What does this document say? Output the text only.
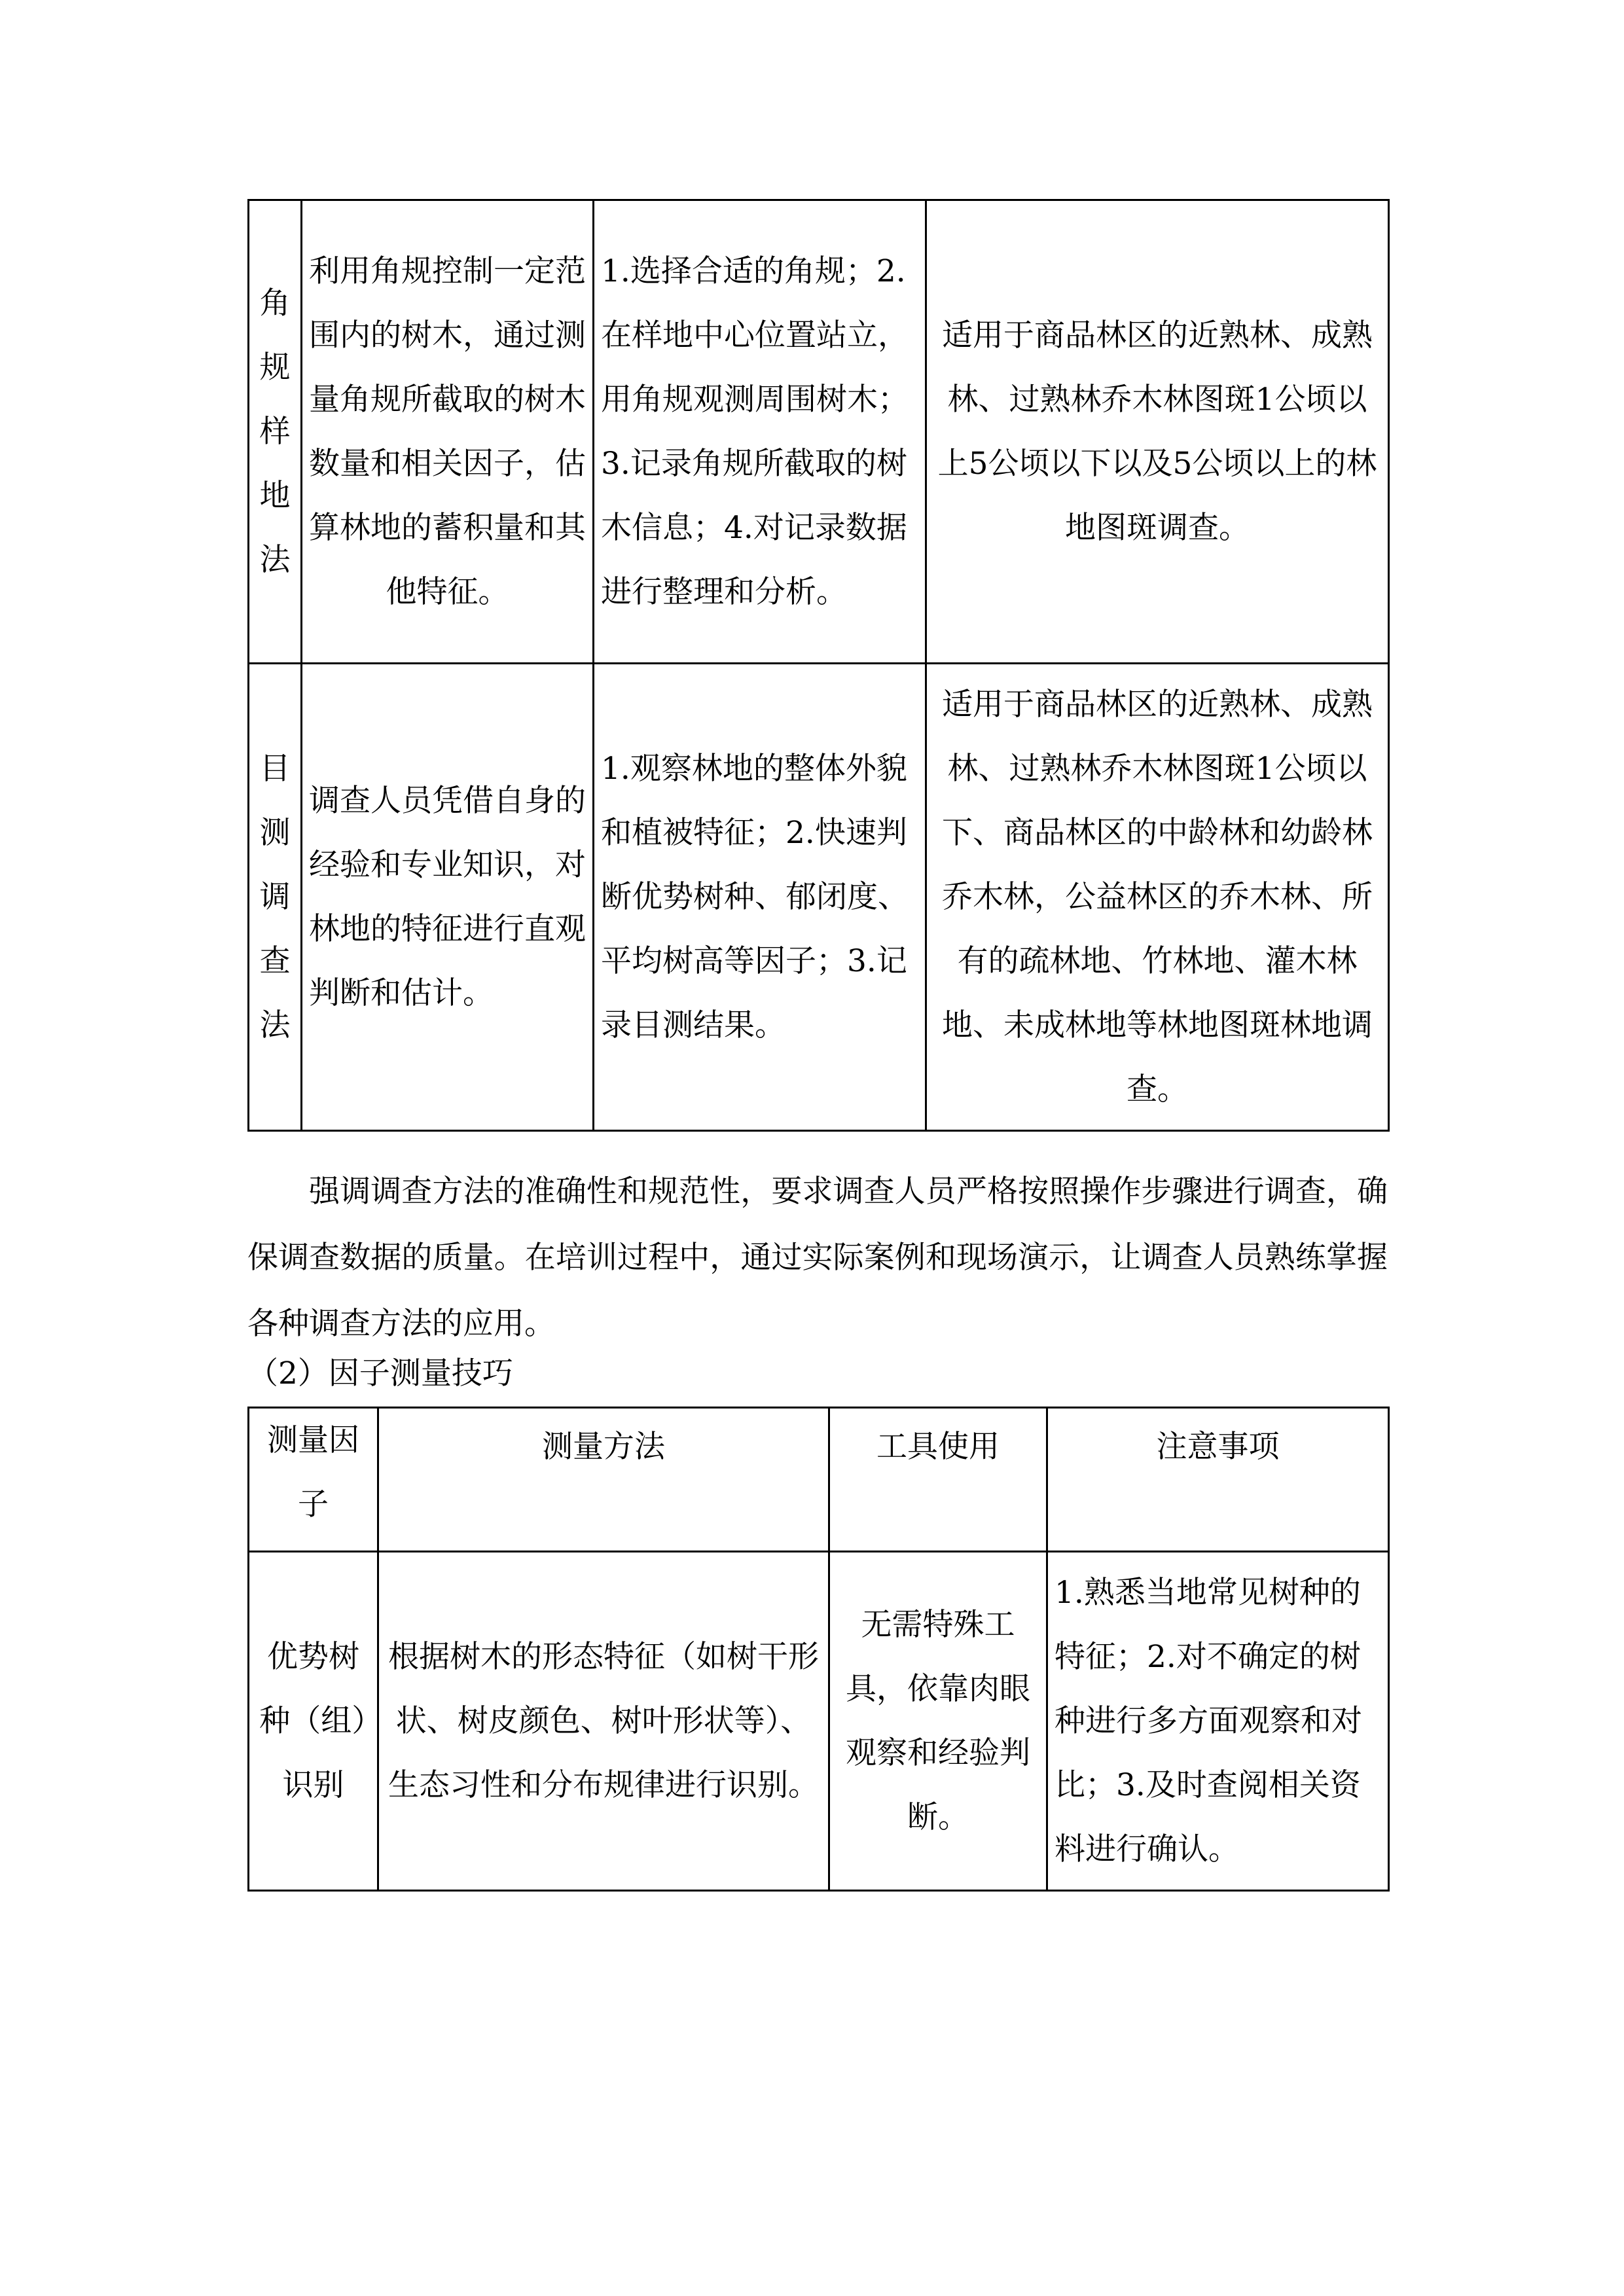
角规样地法	利用角规控制一定范围内的树木，通过测量角规所截取的树木数量和相关因子，估算林地的蓄积量和其他特征。	1.选择合适的角规；2.在样地中心位置站立，用角规观测周围树木；3.记录角规所截取的树木信息；4.对记录数据进行整理和分析。	适用于商品林区的近熟林、成熟林、过熟林乔木林图斑1公顷以上5公顷以下以及5公顷以上的林地图斑调查。

目测调查法	调查人员凭借自身的经验和专业知识，对林地的特征进行直观判断和估计。	1.观察林地的整体外貌和植被特征；2.快速判断优势树种、郁闭度、平均树高等因子；3.记录目测结果。	适用于商品林区的近熟林、成熟林、过熟林乔木林图斑1公顷以下、商品林区的中龄林和幼龄林乔木林，公益林区的乔木林、所有的疏林地、竹林地、灌木林地、未成林地等林地图斑林地调查。
强调调查方法的准确性和规范性，要求调查人员严格按照操作步骤进行调查，确保调查数据的质量。在培训过程中，通过实际案例和现场演示，让调查人员熟练掌握各种调查方法的应用。
（2）因子测量技巧
测量因子	测量方法	工具使用	注意事项
优势树种（组）识别	根据树木的形态特征（如树干形状、树皮颜色、树叶形状等）、生态习性和分布规律进行识别。	无需特殊工具，依靠肉眼观察和经验判断。	1.熟悉当地常见树种的特征；2.对不确定的树种进行多方面观察和对比；3.及时查阅相关资料进行确认。
